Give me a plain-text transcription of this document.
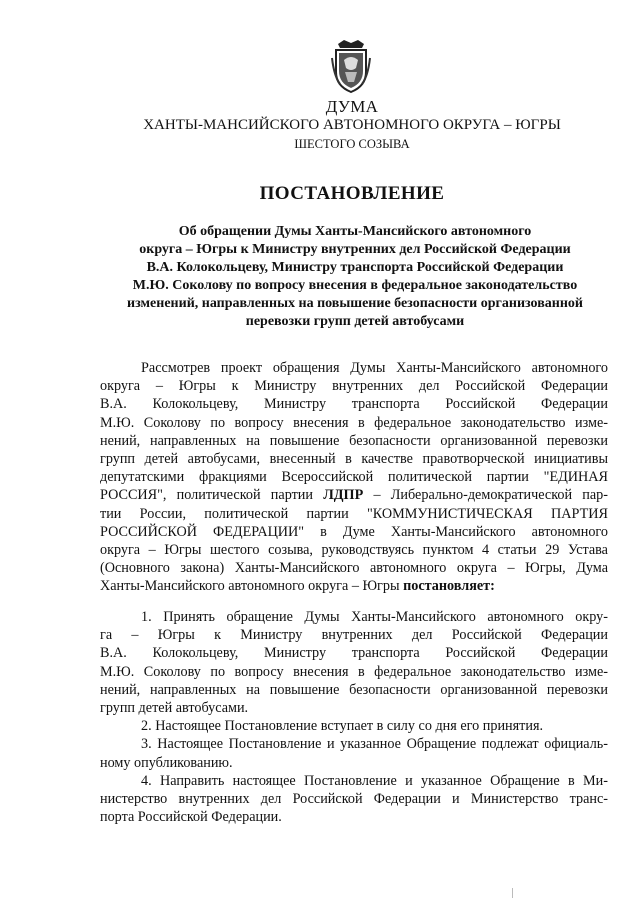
ДУМА
ХАНТЫ-МАНСИЙСКОГО АВТОНОМНОГО ОКРУГА – ЮГРЫ
ШЕСТОГО СОЗЫВА
ПОСТАНОВЛЕНИЕ
Об обращении Думы Ханты-Мансийского автономного
округа – Югры к Министру внутренних дел Российской Федерации
В.А. Колокольцеву, Министру транспорта Российской Федерации
М.Ю. Соколову по вопросу внесения в федеральное законодательство
изменений, направленных на повышение безопасности организованной
перевозки групп детей автобусами
Рассмотрев проект обращения Думы Ханты-Мансийского автономного
округа – Югры к Министру внутренних дел Российской Федерации
В.А. Колокольцеву, Министру транспорта Российской Федерации
М.Ю. Соколову по вопросу внесения в федеральное законодательство изме-
нений, направленных на повышение безопасности организованной перевозки
групп детей автобусами, внесенный в качестве правотворческой инициативы
депутатскими фракциями Всероссийской политической партии "ЕДИНАЯ
РОССИЯ", политической партии ЛДПР – Либерально-демократической пар-
тии России, политической партии "КОММУНИСТИЧЕСКАЯ ПАРТИЯ
РОССИЙСКОЙ ФЕДЕРАЦИИ" в Думе Ханты-Мансийского автономного
округа – Югры шестого созыва, руководствуясь пунктом 4 статьи 29 Устава
(Основного закона) Ханты-Мансийского автономного округа – Югры, Дума
Ханты-Мансийского автономного округа – Югры постановляет:
1. Принять обращение Думы Ханты-Мансийского автономного окру-
га – Югры к Министру внутренних дел Российской Федерации
В.А. Колокольцеву, Министру транспорта Российской Федерации
М.Ю. Соколову по вопросу внесения в федеральное законодательство изме-
нений, направленных на повышение безопасности организованной перевозки
групп детей автобусами.
2. Настоящее Постановление вступает в силу со дня его принятия.
3. Настоящее Постановление и указанное Обращение подлежат официаль-
ному опубликованию.
4. Направить настоящее Постановление и указанное Обращение в Ми-
нистерство внутренних дел Российской Федерации и Министерство транс-
порта Российской Федерации.
